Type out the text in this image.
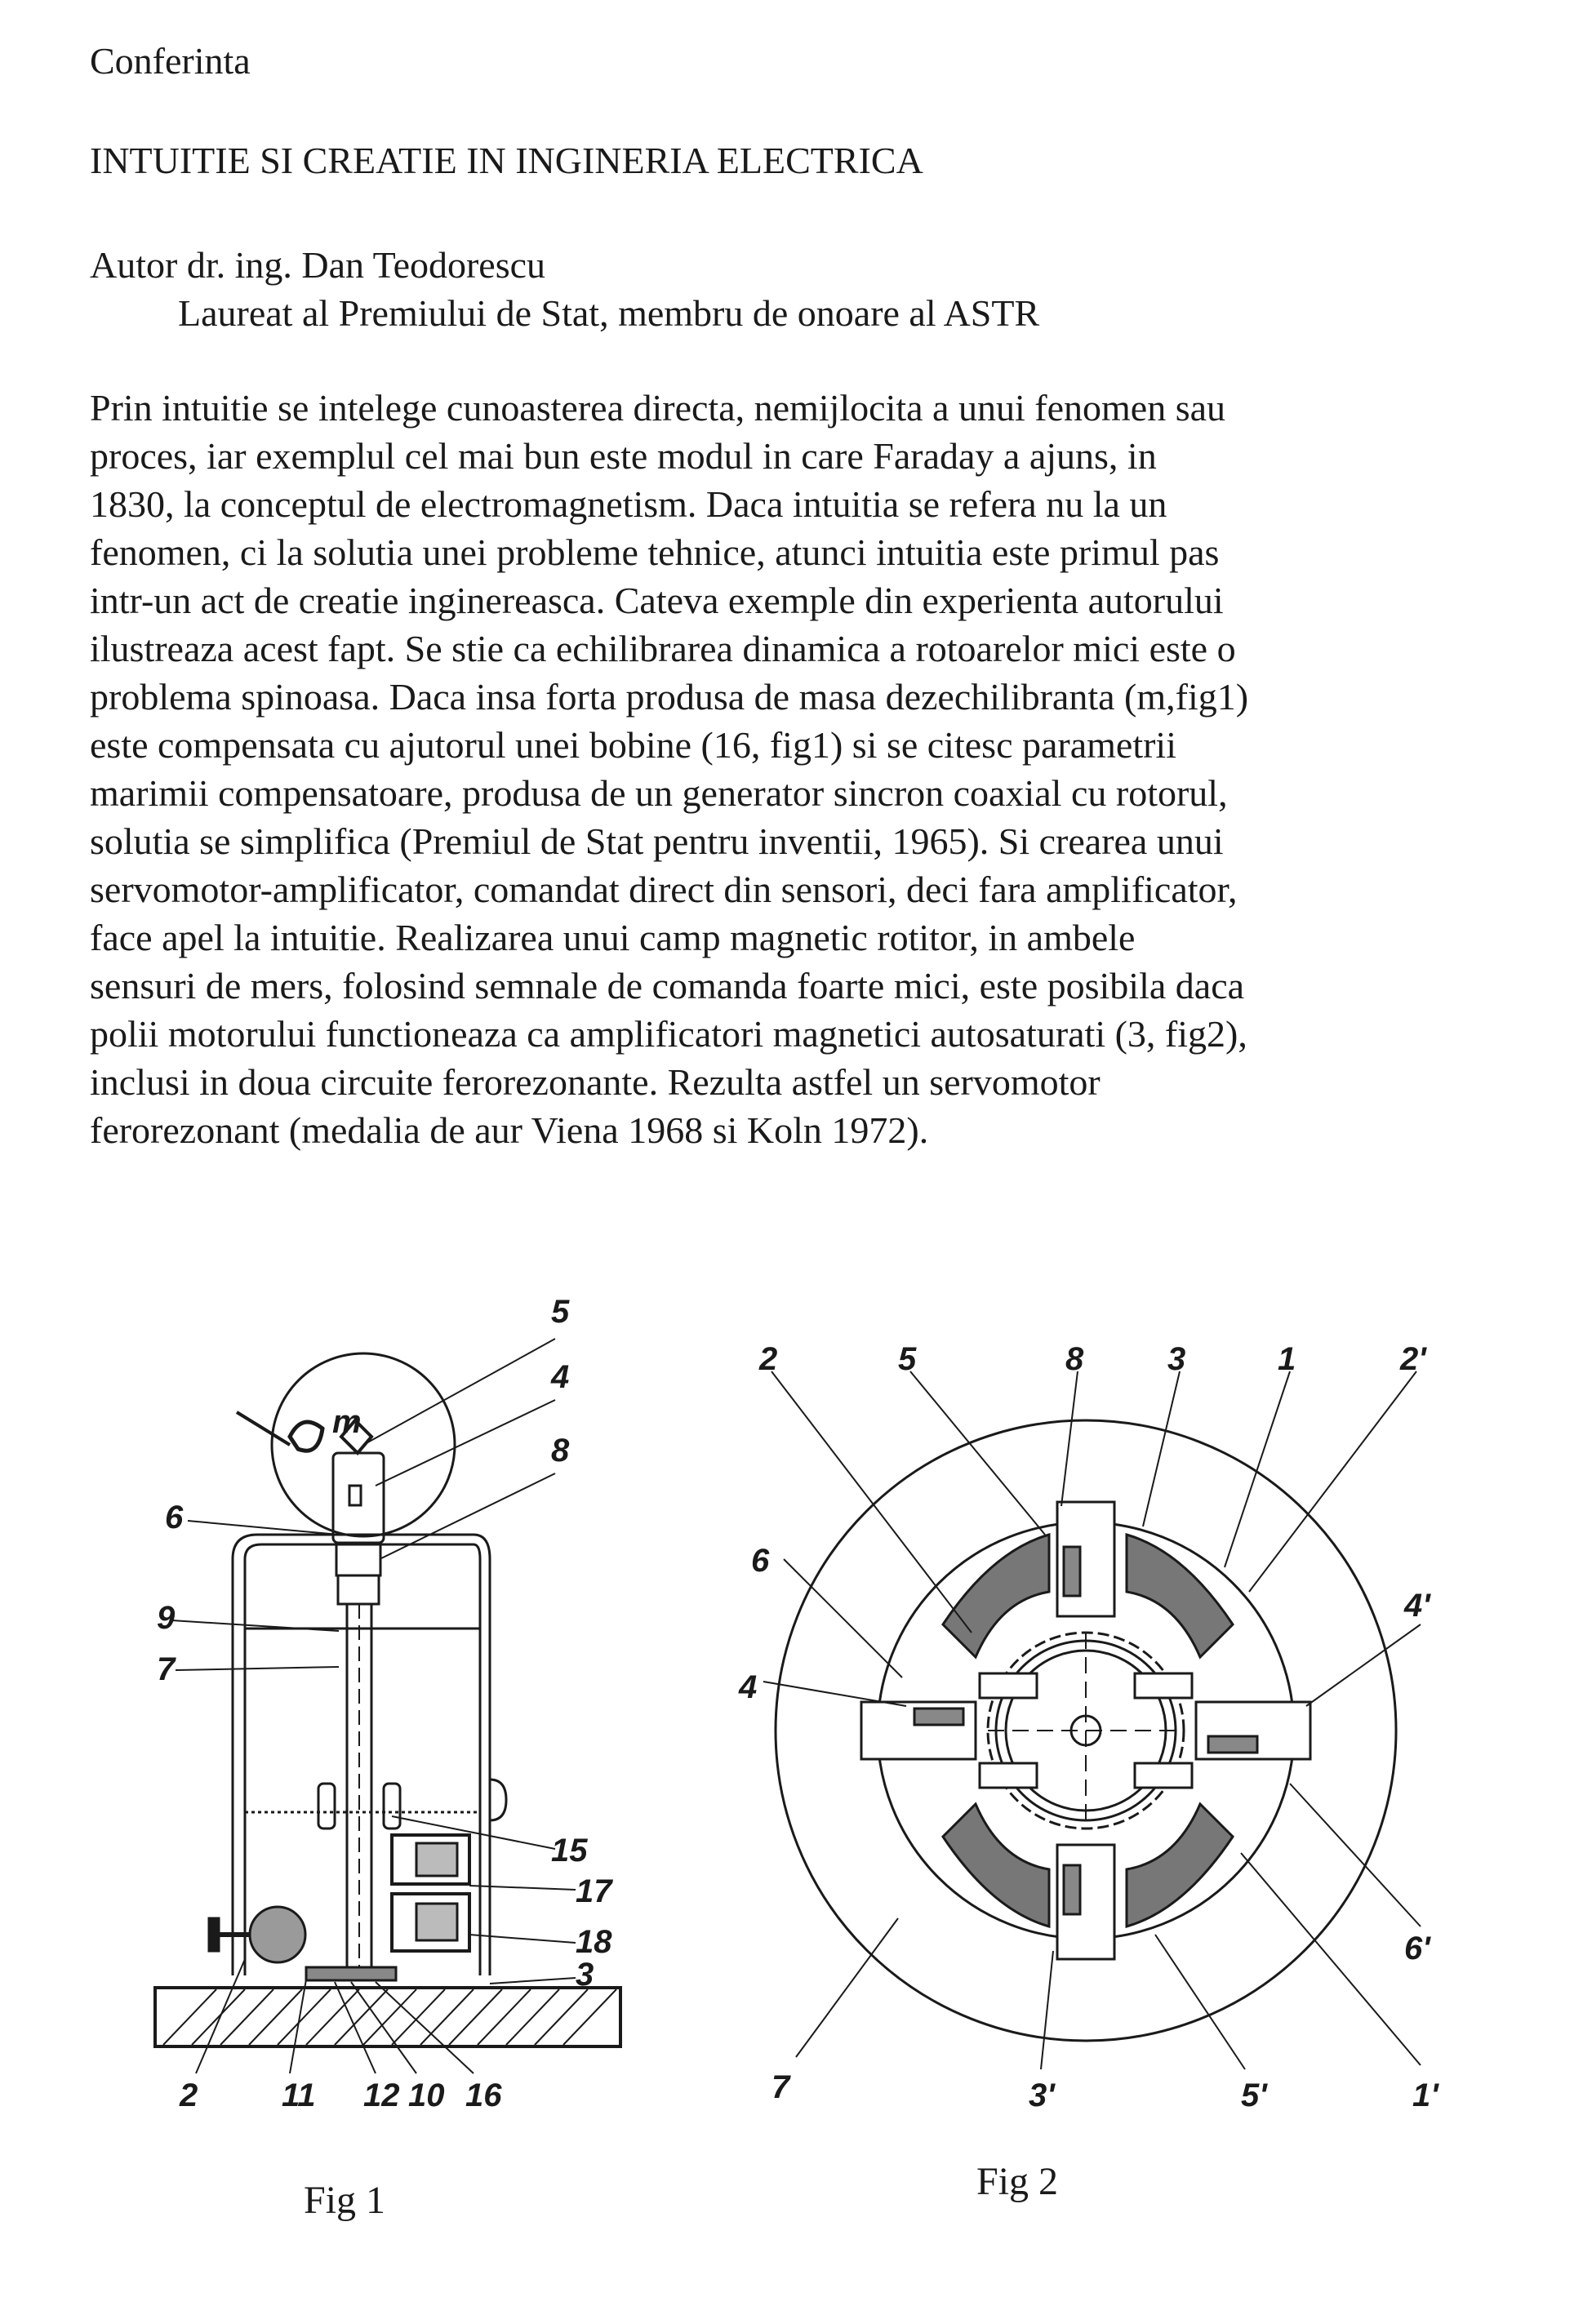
Conferinta
INTUITIE SI CREATIE IN INGINERIA ELECTRICA
Autor dr. ing. Dan Teodorescu
Laureat al Premiului de Stat, membru de onoare al ASTR
Prin intuitie se intelege cunoasterea directa, nemijlocita a unui fenomen sau
proces, iar exemplul cel mai bun este modul in care Faraday a ajuns, in
1830, la conceptul de electromagnetism. Daca intuitia se refera nu la un
fenomen, ci la solutia unei probleme tehnice, atunci intuitia este primul pas
intr-un act de creatie inginereasca. Cateva exemple din experienta autorului
ilustreaza acest fapt. Se stie ca echilibrarea dinamica a rotoarelor mici este o
problema spinoasa. Daca insa forta produsa de masa dezechilibranta (m,fig1)
este compensata cu ajutorul unei bobine (16, fig1) si se citesc parametrii
marimii compensatoare, produsa de un generator sincron coaxial cu rotorul,
solutia se simplifica (Premiul de Stat pentru inventii, 1965). Si crearea unui
servomotor-amplificator, comandat direct din sensori, deci fara amplificator,
face apel la intuitie. Realizarea unui camp magnetic rotitor, in ambele
sensuri de mers, folosind semnale de comanda foarte mici, este posibila daca
polii motorului functioneaza ca amplificatori magnetici autosaturati (3, fig2),
inclusi in doua circuite ferorezonante. Rezulta astfel un servomotor
ferorezonant (medalia de aur Viena 1968 si Koln 1972).
m
5
4
8
6
9
7
15
17
18
3
2	11 12 10 16
2	5	8	3	1	2'
6
4
4'
6'
7	3'	5'	1'
Fig 1	Fig 2
